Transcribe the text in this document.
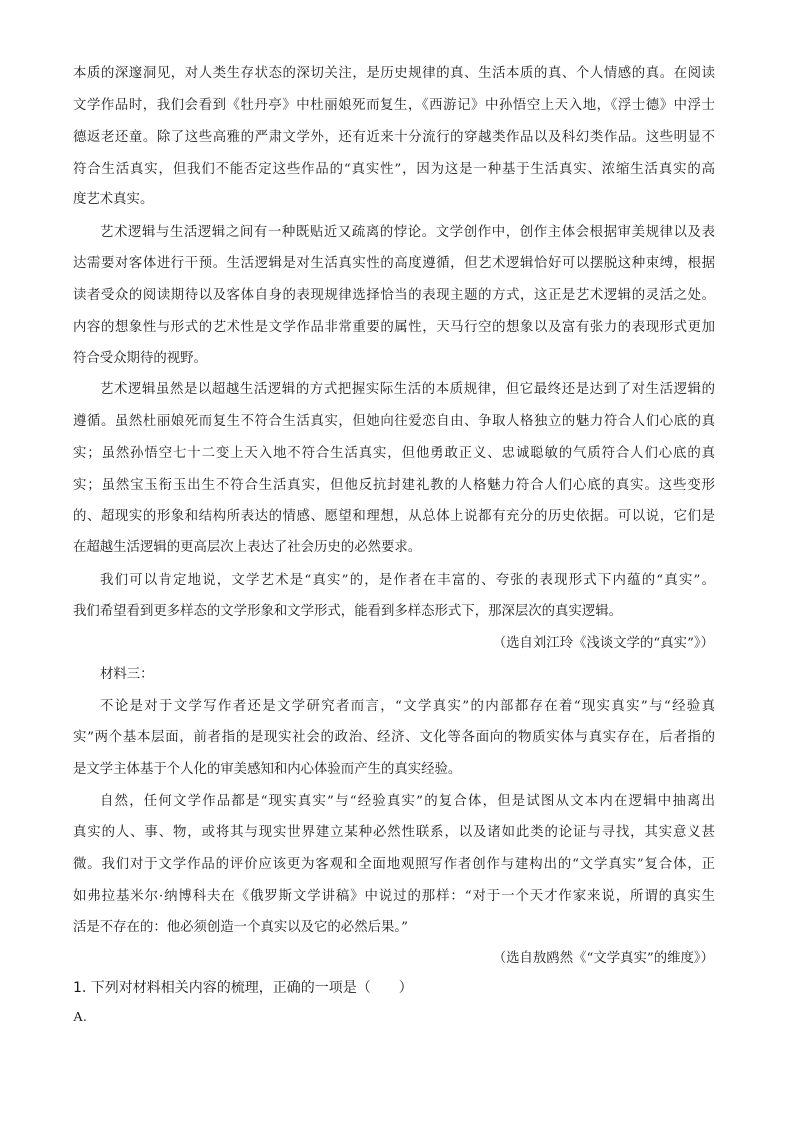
本质的深邃洞见，对人类生存状态的深切关注，是历史规律的真、生活本质的真、个人情感的真。在阅读
文学作品时，我们会看到《牡丹亭》中杜丽娘死而复生，《西游记》中孙悟空上天入地，《浮士德》中浮士
德返老还童。除了这些高雅的严肃文学外，还有近来十分流行的穿越类作品以及科幻类作品。这些明显不
符合生活真实，但我们不能否定这些作品的“真实性”，因为这是一种基于生活真实、浓缩生活真实的高
度艺术真实。
艺术逻辑与生活逻辑之间有一种既贴近又疏离的悖论。文学创作中，创作主体会根据审美规律以及表
达需要对客体进行干预。生活逻辑是对生活真实性的高度遵循，但艺术逻辑恰好可以摆脱这种束缚，根据
读者受众的阅读期待以及客体自身的表现规律选择恰当的表现主题的方式，这正是艺术逻辑的灵活之处。
内容的想象性与形式的艺术性是文学作品非常重要的属性，天马行空的想象以及富有张力的表现形式更加
符合受众期待的视野。
艺术逻辑虽然是以超越生活逻辑的方式把握实际生活的本质规律，但它最终还是达到了对生活逻辑的
遵循。虽然杜丽娘死而复生不符合生活真实，但她向往爱恋自由、争取人格独立的魅力符合人们心底的真
实；虽然孙悟空七十二变上天入地不符合生活真实，但他勇敢正义、忠诚聪敏的气质符合人们心底的真
实；虽然宝玉衔玉出生不符合生活真实，但他反抗封建礼教的人格魅力符合人们心底的真实。这些变形
的、超现实的形象和结构所表达的情感、愿望和理想，从总体上说都有充分的历史依据。可以说，它们是
在超越生活逻辑的更高层次上表达了社会历史的必然要求。
我们可以肯定地说，文学艺术是“真实”的，是作者在丰富的、夸张的表现形式下内蕴的“真实”。
我们希望看到更多样态的文学形象和文学形式，能看到多样态形式下，那深层次的真实逻辑。
（选自刘江玲《浅谈文学的“真实”》）
材料三：
不论是对于文学写作者还是文学研究者而言，“文学真实”的内部都存在着“现实真实”与“经验真
实”两个基本层面，前者指的是现实社会的政治、经济、文化等各面向的物质实体与真实存在，后者指的
是文学主体基于个人化的审美感知和内心体验而产生的真实经验。
自然，任何文学作品都是“现实真实”与“经验真实”的复合体，但是试图从文本内在逻辑中抽离出
真实的人、事、物，或将其与现实世界建立某种必然性联系，以及诸如此类的论证与寻找，其实意义甚
微。我们对于文学作品的评价应该更为客观和全面地观照写作者创作与建构出的“文学真实”复合体，正
如弗拉基米尔·纳博科夫在《俄罗斯文学讲稿》中说过的那样：“对于一个天才作家来说，所谓的真实生
活是不存在的：他必须创造一个真实以及它的必然后果。”
（选自敖鸥然《“文学真实”的维度》）
1. 下列对材料相关内容的梳理，正确的一项是（　　）
A.
